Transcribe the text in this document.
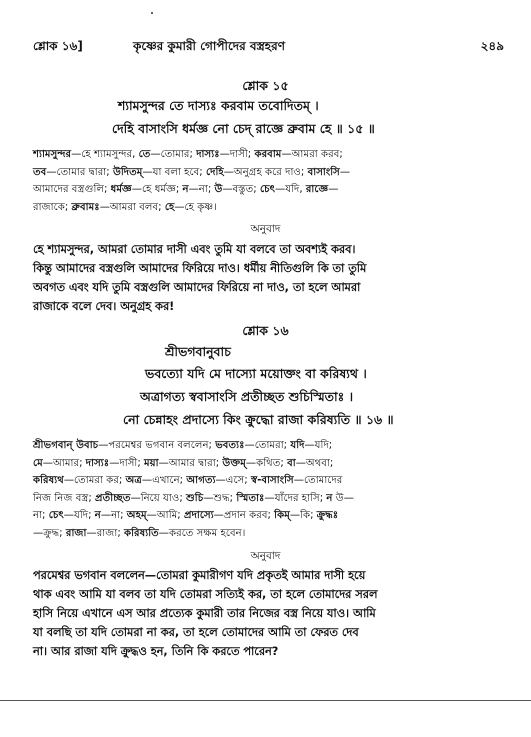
শ্লোক ১৬]	কৃষ্ণের কুমারী গোপীদের বস্ত্রহরণ	২৪৯
শ্লোক ১৫
শ্যামসুন্দর তে দাস্যঃ করবাম তবোদিতম্ ।
দেহি বাসাংসি ধর্মজ্ঞ নো চেদ্ রাজ্ঞে ব্রুবাম হে ॥ ১৫ ॥

শ্যামসুন্দর—হে শ্যামসুন্দর, তে—তোমার; দাস্যঃ—দাসী; করবাম—আমরা করব;

তব—তোমার দ্বারা; উদিতম্—যা বলা হবে; দেহি—অনুগ্রহ করে দাও; বাসাংসি—

আমাদের বস্ত্রগুলি; ধর্মজ্ঞ—হে ধর্মজ্ঞ; ন—না; উ—বস্তুত; চেৎ—যদি, রাজ্ঞে—

রাজাকে; ব্রুবামঃ—আমরা বলব; হে—হে কৃষ্ণ।

অনুবাদ

হে শ্যামসুন্দর, আমরা তোমার দাসী এবং তুমি যা বলবে তা অবশ্যই করব।

কিন্তু আমাদের বস্ত্রগুলি আমাদের ফিরিয়ে দাও। ধর্মীয় নীতিগুলি কি তা তুমি

অবগত এবং যদি তুমি বস্ত্রগুলি আমাদের ফিরিয়ে না দাও, তা হলে আমরা

রাজাকে বলে দেব। অনুগ্রহ কর!

শ্লোক ১৬
শ্রীভগবানুবাচ
ভবত্যো যদি মে দাস্যো ময়োক্তং বা করিষ্যথ ।
অত্রাগত্য স্ববাসাংসি প্রতীচ্ছত শুচিস্মিতাঃ ।
নো চেন্নাহং প্রদাস্যে কিং ক্রুদ্ধো রাজা করিষ্যতি ॥ ১৬ ॥

শ্রীভগবান্ উবাচ—পরমেশ্বর ভগবান বললেন; ভবত্যঃ—তোমরা; যদি—যদি;

মে—আমার; দাস্যঃ—দাসী; ময়া—আমার দ্বারা; উক্তম্—কথিত; বা—অথবা;

করিষ্যথ—তোমরা কর; অত্র—এখানে; আগত্য—এসে; স্ব-বাসাংসি—তোমাদের

নিজ নিজ বস্ত্র; প্রতীচ্ছত—নিয়ে যাও; শুচি—শুদ্ধ; স্মিতাঃ—যাঁদের হাসি; ন উ—

না; চেৎ—যদি; ন—না; অহম্—আমি; প্রদাস্যে—প্রদান করব; কিম্—কি; ক্রুদ্ধঃ

—ক্রুদ্ধ; রাজা—রাজা; করিষ্যতি—করতে সক্ষম হবেন।

অনুবাদ

পরমেশ্বর ভগবান বললেন—তোমরা কুমারীগণ যদি প্রকৃতই আমার দাসী হয়ে

থাক এবং আমি যা বলব তা যদি তোমরা সত্যিই কর, তা হলে তোমাদের সরল

হাসি নিয়ে এখানে এস আর প্রত্যেক কুমারী তার নিজের বস্ত্র নিয়ে যাও। আমি

যা বলছি তা যদি তোমরা না কর, তা হলে তোমাদের আমি তা ফেরত দেব

না। আর রাজা যদি ক্রুদ্ধও হন, তিনি কি করতে পারেন?
